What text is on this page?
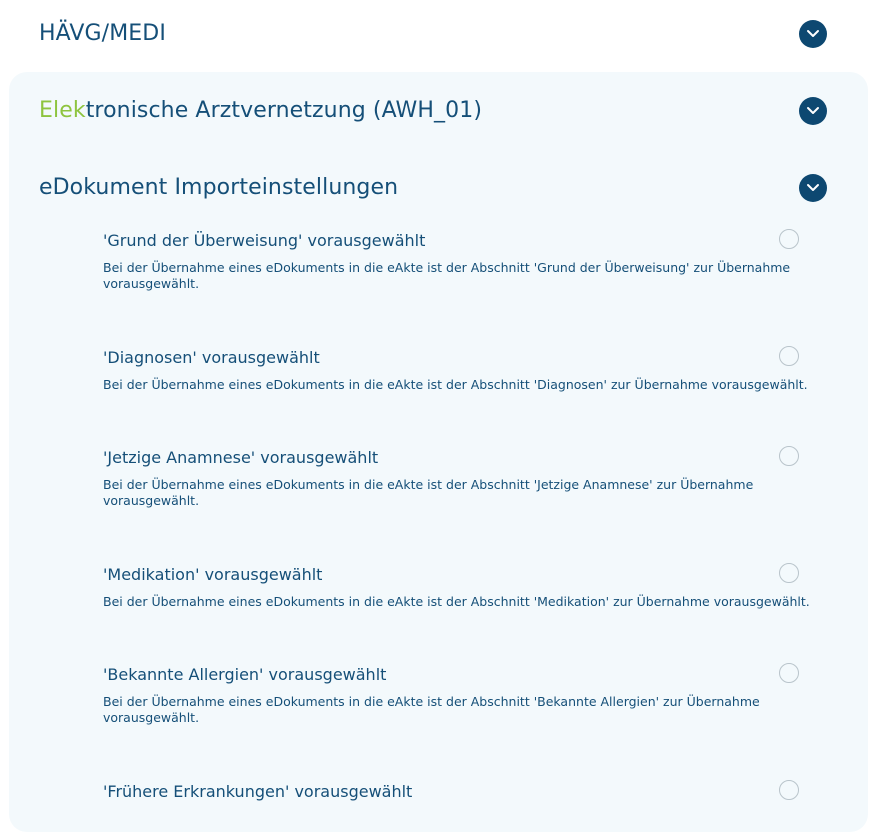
HÄVG/MEDI
Elektronische Arztvernetzung (AWH_01)
eDokument Importeinstellungen
'Grund der Überweisung' vorausgewählt
Bei der Übernahme eines eDokuments in die eAkte ist der Abschnitt 'Grund der Überweisung' zur Übernahme vorausgewählt.
'Diagnosen' vorausgewählt
Bei der Übernahme eines eDokuments in die eAkte ist der Abschnitt 'Diagnosen' zur Übernahme vorausgewählt.
'Jetzige Anamnese' vorausgewählt
Bei der Übernahme eines eDokuments in die eAkte ist der Abschnitt 'Jetzige Anamnese' zur Übernahme vorausgewählt.
'Medikation' vorausgewählt
Bei der Übernahme eines eDokuments in die eAkte ist der Abschnitt 'Medikation' zur Übernahme vorausgewählt.
'Bekannte Allergien' vorausgewählt
Bei der Übernahme eines eDokuments in die eAkte ist der Abschnitt 'Bekannte Allergien' zur Übernahme vorausgewählt.
'Frühere Erkrankungen' vorausgewählt
